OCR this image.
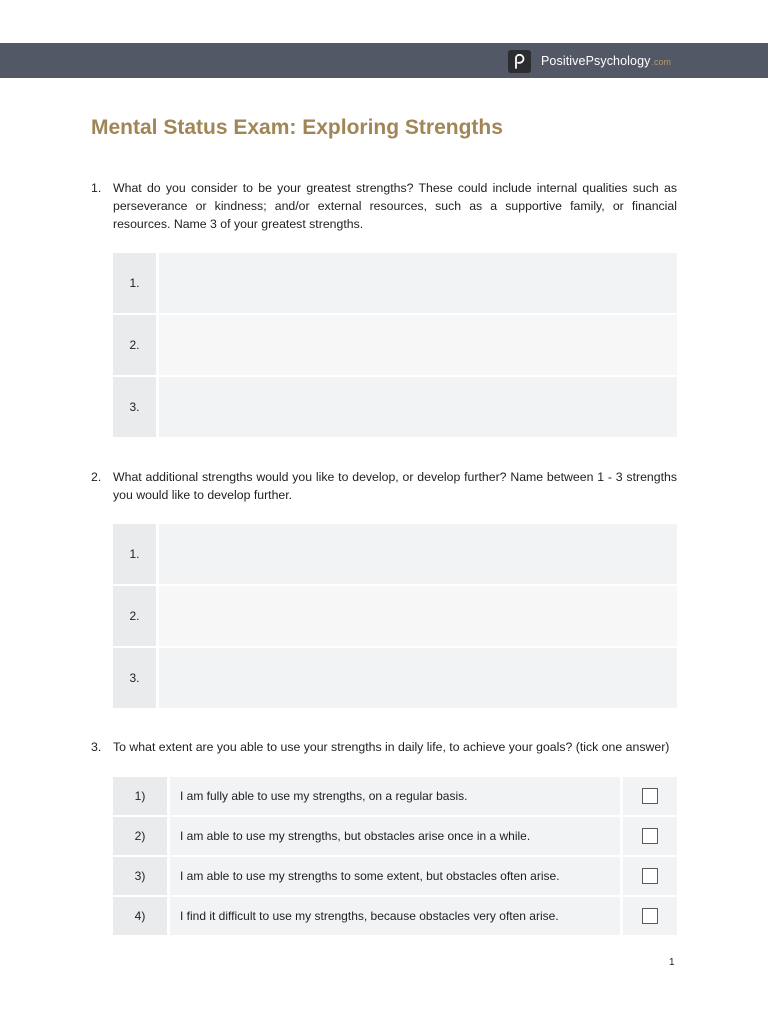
PositivePsychology .com
Mental Status Exam: Exploring Strengths
1. What do you consider to be your greatest strengths? These could include internal qualities such as perseverance or kindness; and/or external resources, such as a supportive family, or financial resources. Name 3 of your greatest strengths.
1.
2.
3.
2. What additional strengths would you like to develop, or develop further? Name between 1 - 3 strengths you would like to develop further.
1.
2.
3.
3. To what extent are you able to use your strengths in daily life, to achieve your goals? (tick one answer)
1)	I am fully able to use my strengths, on a regular basis.
2)	I am able to use my strengths, but obstacles arise once in a while.
3)	I am able to use my strengths to some extent, but obstacles often arise.
4)	I find it difficult to use my strengths, because obstacles very often arise.
1
